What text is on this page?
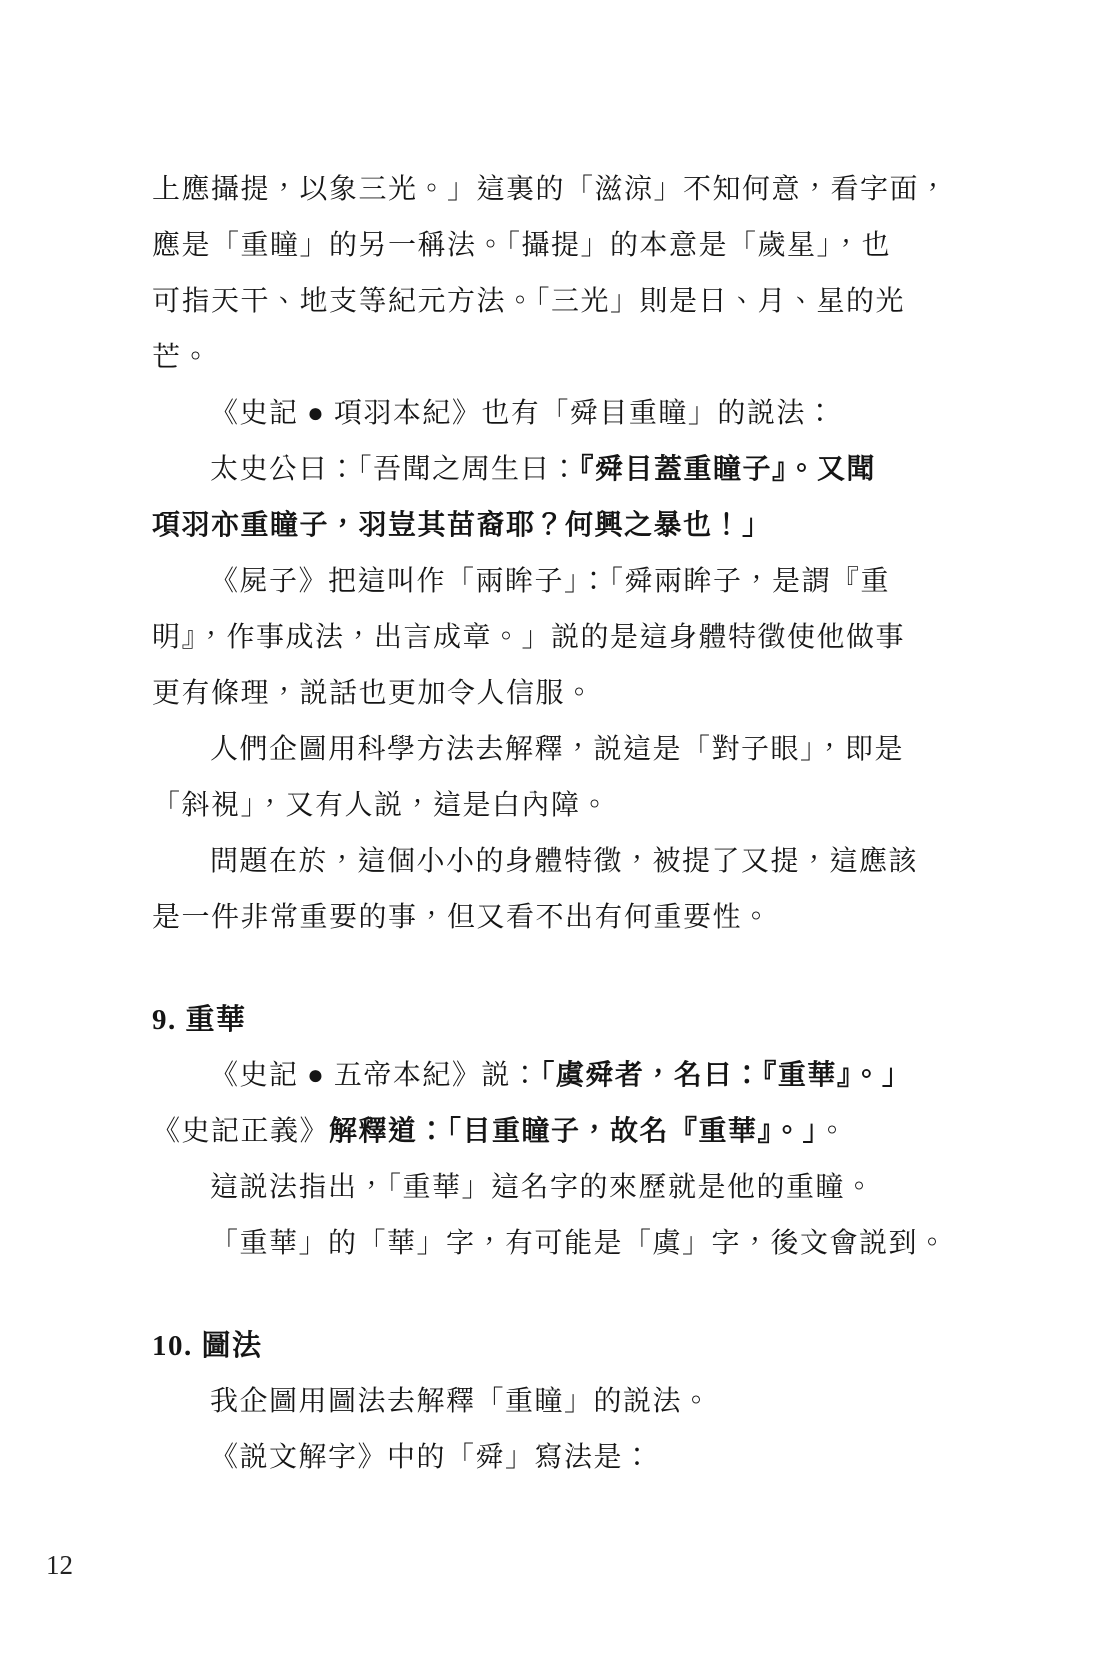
上應攝提，以象三光。」這裏的「滋涼」不知何意，看字面，
應是「重瞳」的另一稱法。「攝提」的本意是「歲星」，也
可指天干、地支等紀元方法。「三光」則是日、月、星的光
芒。
《史記 ● 項羽本紀》也有「舜目重瞳」的説法：
太史公曰：「吾聞之周生曰：『舜目蓋重瞳子』。又聞
項羽亦重瞳子，羽豈其苗裔耶？何興之暴也！」
《屍子》把這叫作「兩眸子」：「舜兩眸子，是謂『重
明』，作事成法，出言成章。」説的是這身體特徵使他做事
更有條理，説話也更加令人信服。
人們企圖用科學方法去解釋，説這是「對子眼」，即是
「斜視」，又有人説，這是白內障。
問題在於，這個小小的身體特徵，被提了又提，這應該
是一件非常重要的事，但又看不出有何重要性。
9. 重華
《史記 ● 五帝本紀》説：「虞舜者，名曰：『重華』。」
《史記正義》解釋道：「目重瞳子，故名『重華』。」。
這説法指出，「重華」這名字的來歷就是他的重瞳。
「重華」的「華」字，有可能是「虞」字，後文會説到。
10. 圖法
我企圖用圖法去解釋「重瞳」的説法。
《説文解字》中的「舜」寫法是：
12
